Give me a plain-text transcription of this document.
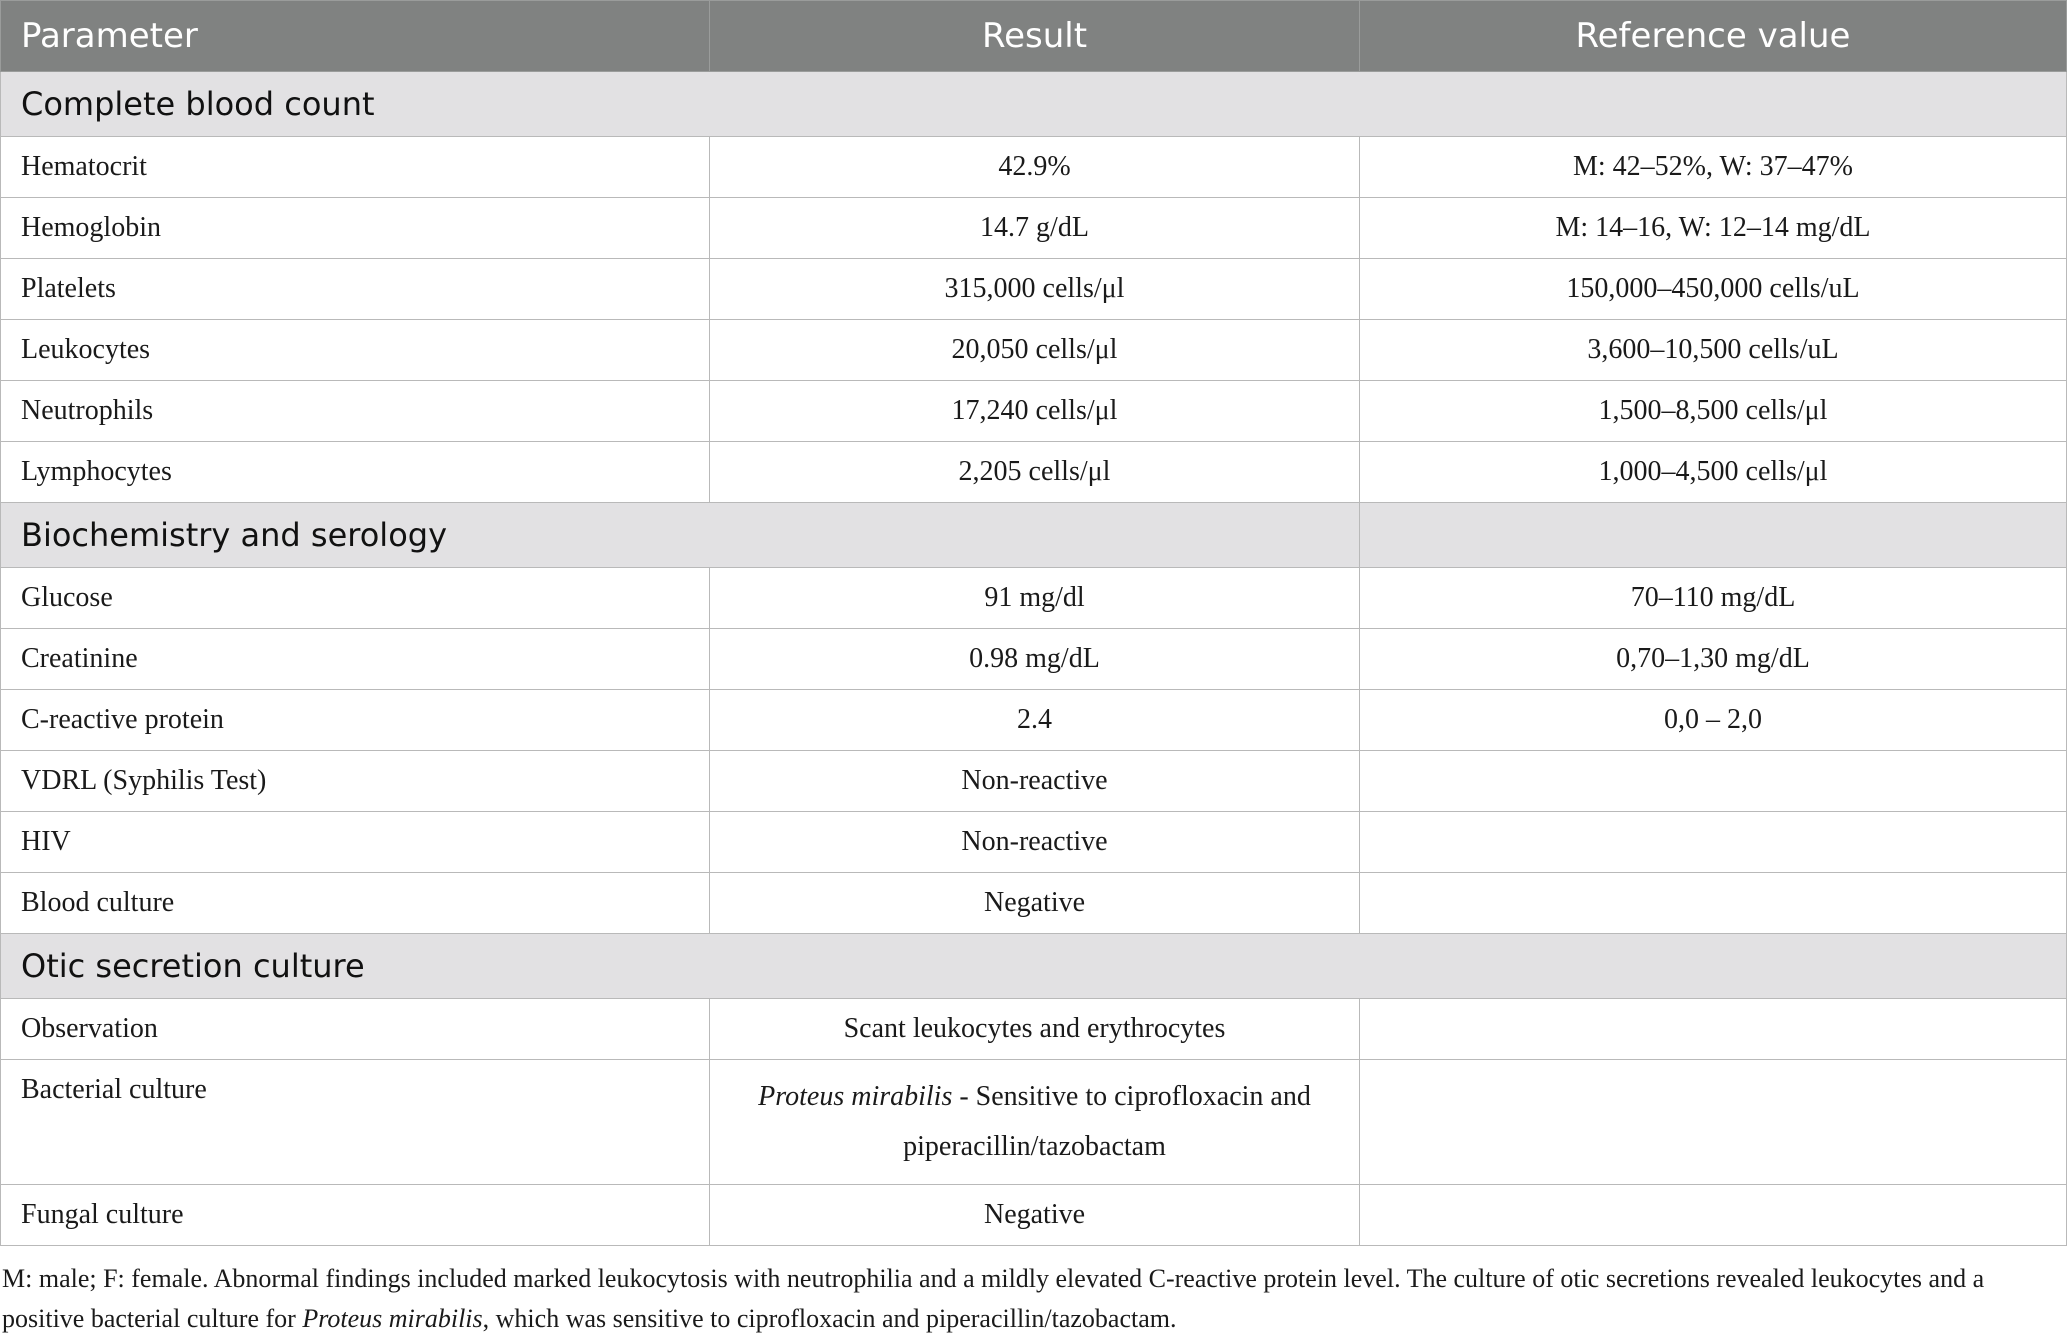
Parameter	Result	Reference value
Complete blood count		
Hematocrit	42.9%	M: 42–52%, W: 37–47%
Hemoglobin	14.7 g/dL	M: 14–16, W: 12–14 mg/dL
Platelets	315,000 cells/μl	150,000–450,000 cells/uL
Leukocytes	20,050 cells/μl	3,600–10,500 cells/uL
Neutrophils	17,240 cells/μl	1,500–8,500 cells/μl
Lymphocytes	2,205 cells/μl	1,000–4,500 cells/μl
Biochemistry and serology		
Glucose	91 mg/dl	70–110 mg/dL
Creatinine	0.98 mg/dL	0,70–1,30 mg/dL
C-reactive protein	2.4	0,0 – 2,0
VDRL (Syphilis Test)	Non-reactive	
HIV	Non-reactive	
Blood culture	Negative	
Otic secretion culture		
Observation	Scant leukocytes and erythrocytes	
Bacterial culture	Proteus mirabilis - Sensitive to ciprofloxacin and
piperacillin/tazobactam	
Fungal culture	Negative	

M: male; F: female. Abnormal findings included marked leukocytosis with neutrophilia and a mildly elevated C-reactive protein level. The culture of otic secretions revealed leukocytes and a positive bacterial culture for Proteus mirabilis, which was sensitive to ciprofloxacin and piperacillin/tazobactam.
